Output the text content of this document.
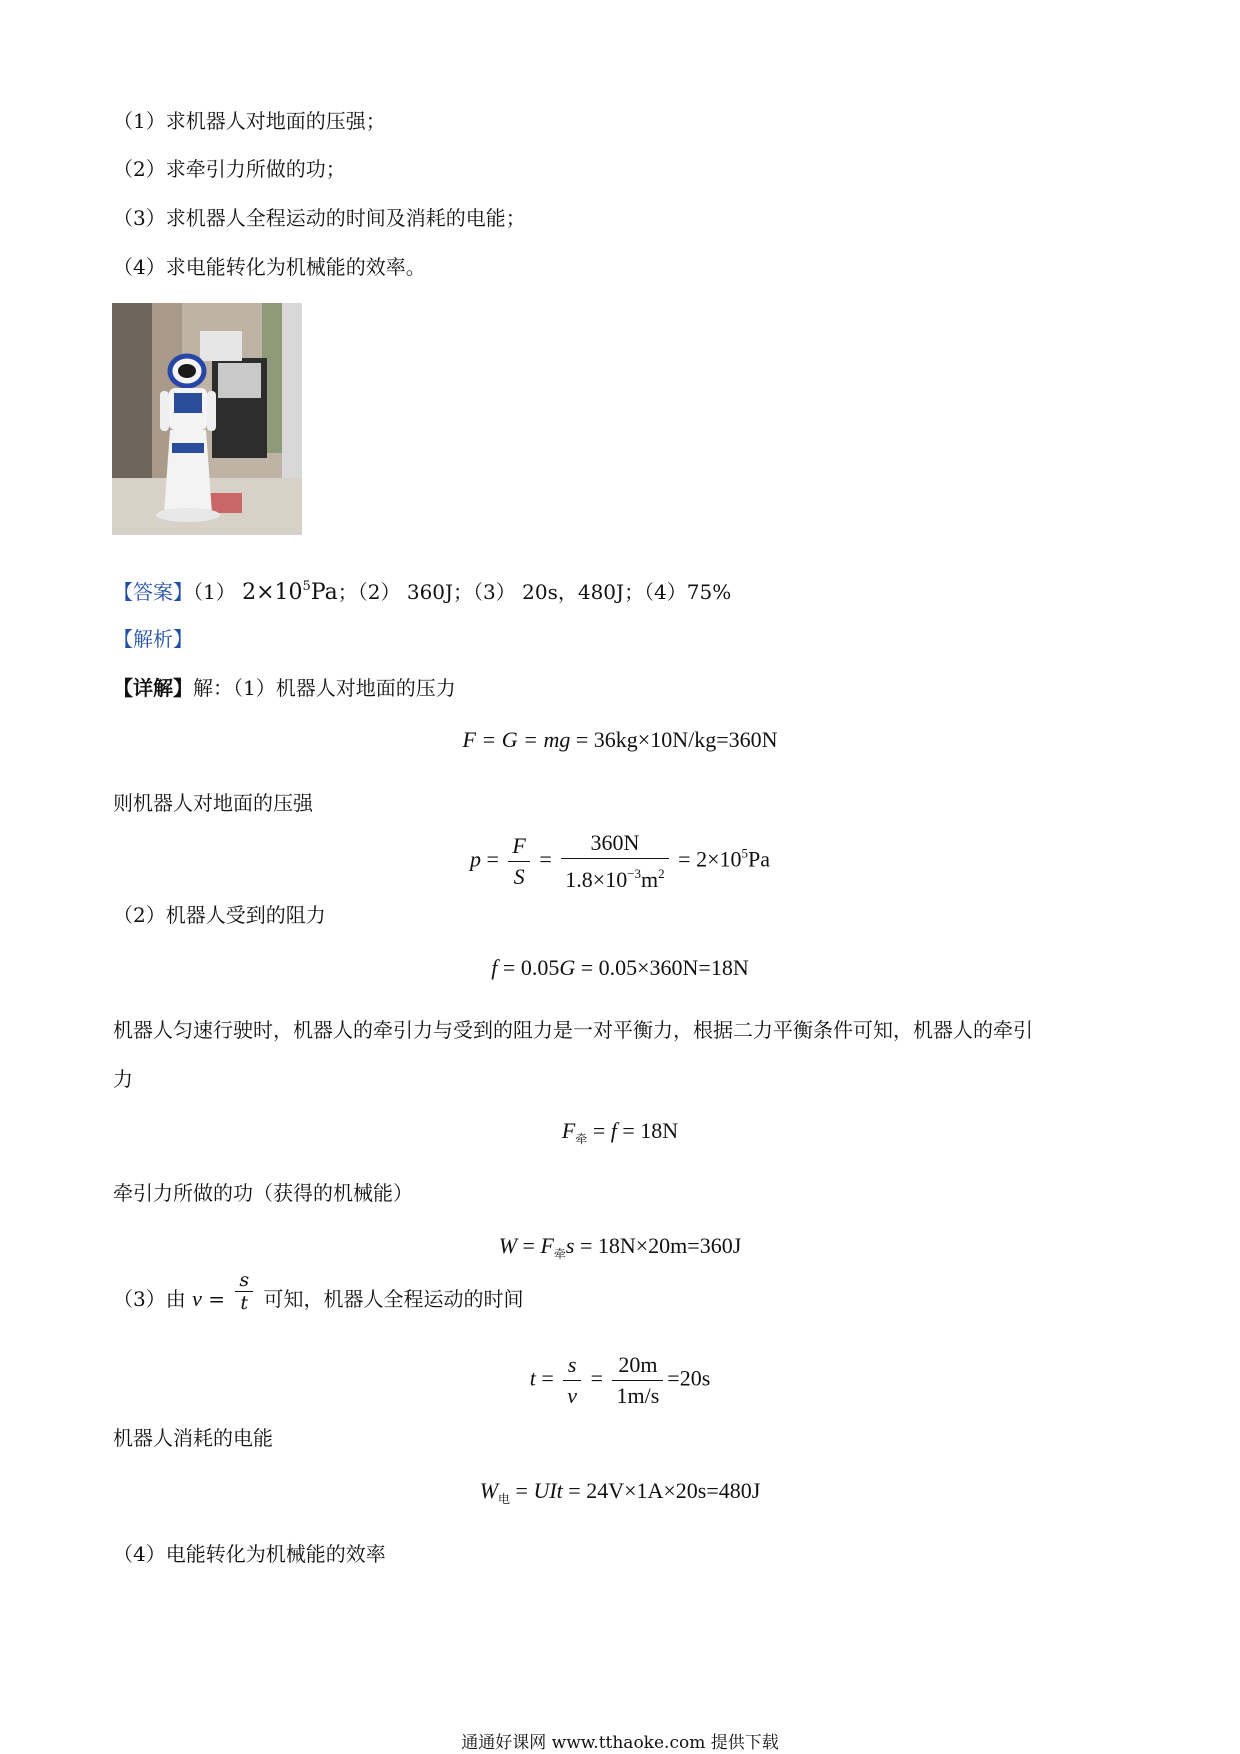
（1）求机器人对地面的压强；
（2）求牵引力所做的功；
（3）求机器人全程运动的时间及消耗的电能；
（4）求电能转化为机械能的效率。
【答案】（1） $2\times 10^5Pa$；（2） 360J；（3） 20s，480J；（4）75%
【解析】
【详解】解：（1）机器人对地面的压力
F = G = mg = 36kg×10N/kg=360N
则机器人对地面的压强
$p = \frac{F}{S} = \frac{360N}{1.8\times 10^{-3}m^2} = 2\times 10^5Pa$
（2）机器人受到的阻力
f = 0.05G = 0.05×360N=18N
机器人匀速行驶时，机器人的牵引力与受到的阻力是一对平衡力，根据二力平衡条件可知，机器人的牵引
力
$F_牵 = f = 18N$
牵引力所做的功（获得的机械能）
$W = F_牵s = 18N\times 20m=360J$
（3）由 $v = \frac{s}{t}$ 可知，机器人全程运动的时间
$t = \frac{s}{v} = \frac{20m}{1m/s} =20s$
机器人消耗的电能
$W_电$ = UIt = 24V×1A×20s=480J
（4）电能转化为机械能的效率
通通好课网 www.tthaoke.com 提供下载
